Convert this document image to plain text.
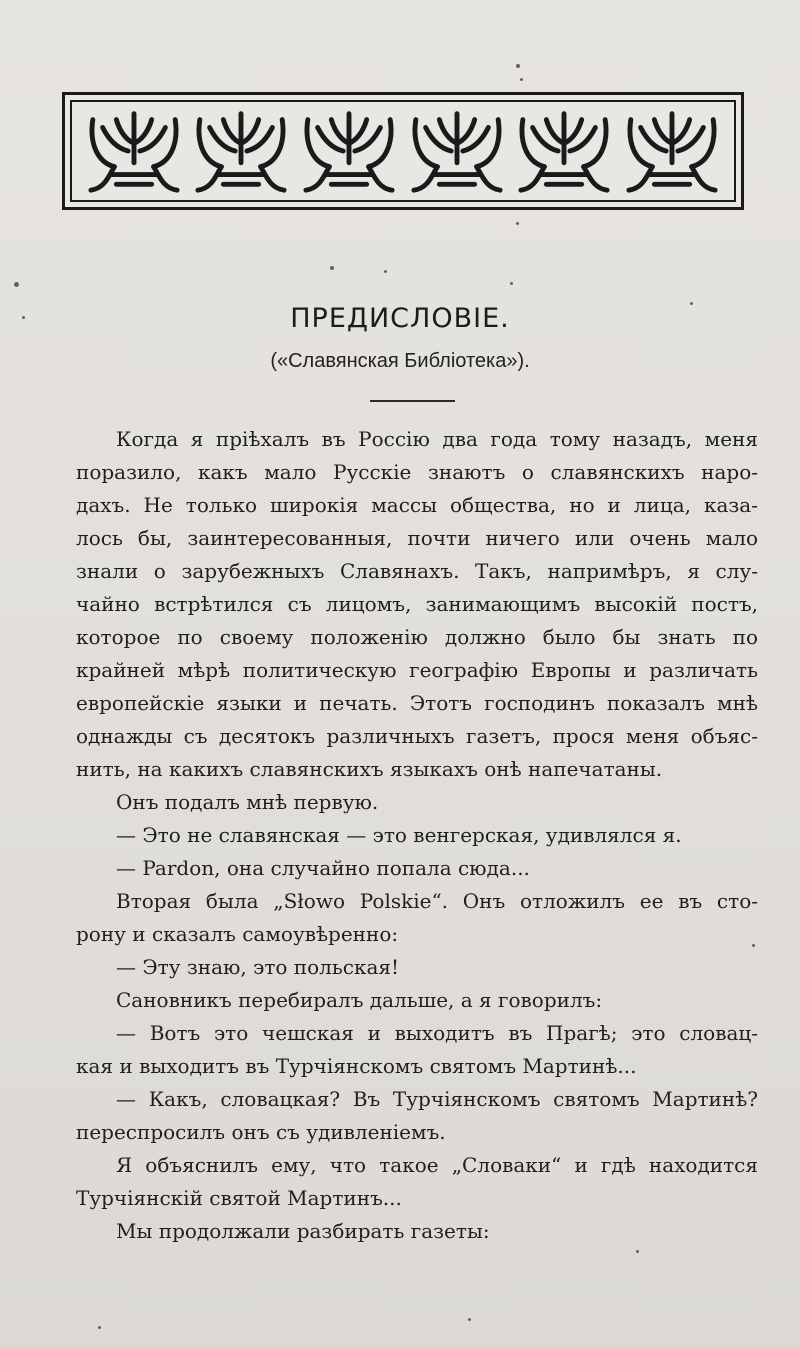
ПРЕДИСЛОВІЕ.
(«Славянская Библіотека»).
Когда я пріѣхалъ въ Россію два года тому назадъ, меня
поразило, какъ мало Русскіе знаютъ о славянскихъ наро-
дахъ. Не только широкія массы общества, но и лица, каза-
лось бы, заинтересованныя, почти ничего или очень мало
знали о зарубежныхъ Славянахъ. Такъ, напримѣръ, я слу-
чайно встрѣтился съ лицомъ, занимающимъ высокій постъ,
которое по своему положенію должно было бы знать по
крайней мѣрѣ политическую географію Европы и различать
европейскіе языки и печать. Этотъ господинъ показалъ мнѣ
однажды съ десятокъ различныхъ газетъ, прося меня объяс-
нить, на какихъ славянскихъ языкахъ онѣ напечатаны.
Онъ подалъ мнѣ первую.
— Это не славянская — это венгерская, удивлялся я.
— Pardon, она случайно попала сюда...
Вторая была „Słowo Polskie“. Онъ отложилъ ее въ сто-
рону и сказалъ самоувѣренно:
— Эту знаю, это польская!
Сановникъ перебиралъ дальше, а я говорилъ:
— Вотъ это чешская и выходитъ въ Прагѣ; это словац-
кая и выходитъ въ Турчіянскомъ святомъ Мартинѣ...
— Какъ, словацкая? Въ Турчіянскомъ святомъ Мартинѣ?
переспросилъ онъ съ удивленіемъ.
Я объяснилъ ему, что такое „Словаки“ и гдѣ находится
Турчіянскій святой Мартинъ...
Мы продолжали разбирать газеты:
